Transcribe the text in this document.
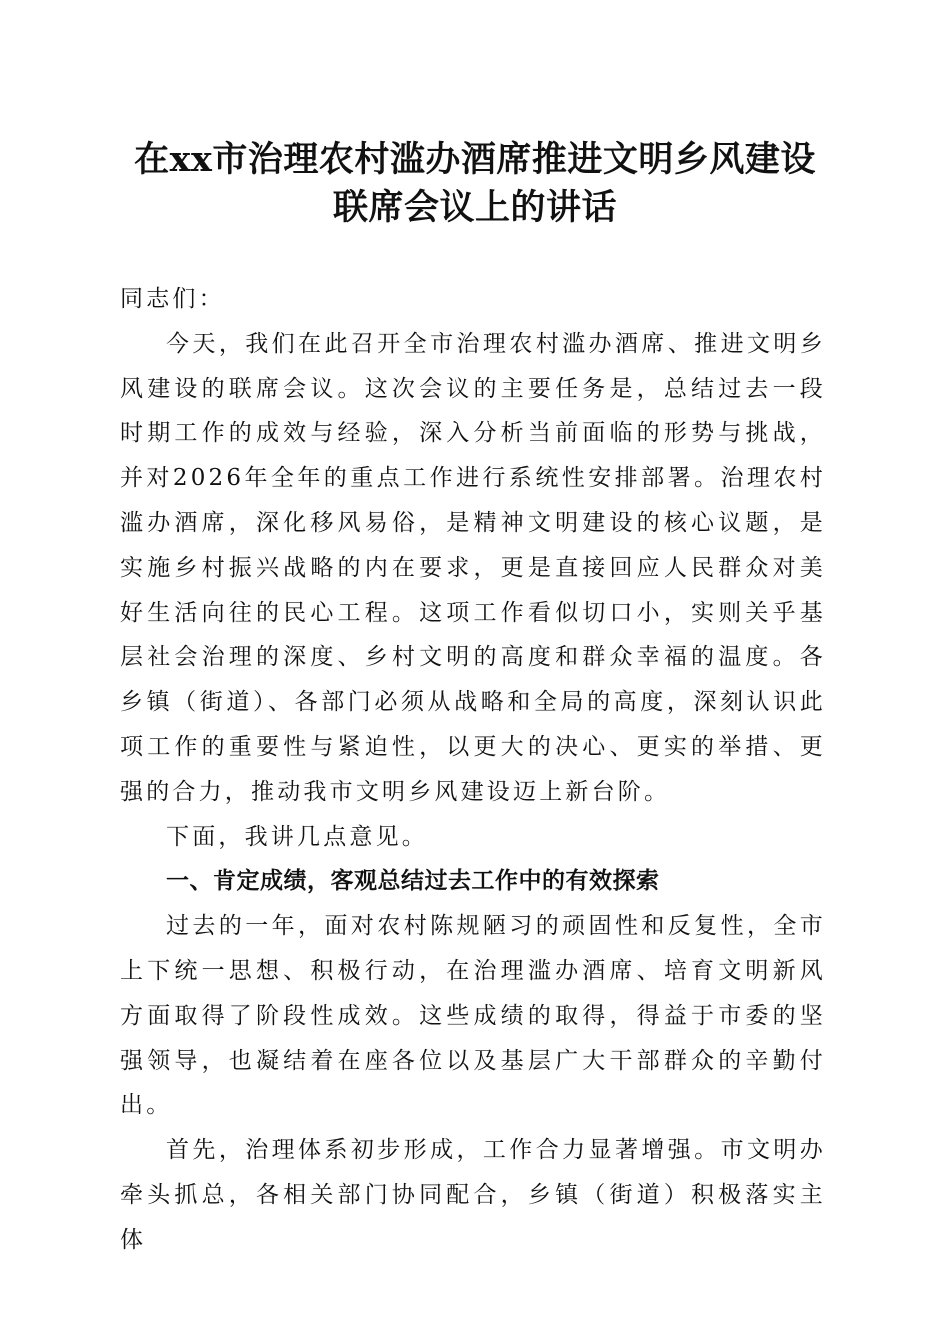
在xx市治理农村滥办酒席推进文明乡风建设
联席会议上的讲话

同志们：

今天，我们在此召开全市治理农村滥办酒席、推进文明乡风建设的联席会议。这次会议的主要任务是，总结过去一段时期工作的成效与经验，深入分析当前面临的形势与挑战，并对2026年全年的重点工作进行系统性安排部署。治理农村滥办酒席，深化移风易俗，是精神文明建设的核心议题，是实施乡村振兴战略的内在要求，更是直接回应人民群众对美好生活向往的民心工程。这项工作看似切口小，实则关乎基层社会治理的深度、乡村文明的高度和群众幸福的温度。各乡镇（街道）、各部门必须从战略和全局的高度，深刻认识此项工作的重要性与紧迫性，以更大的决心、更实的举措、更强的合力，推动我市文明乡风建设迈上新台阶。

下面，我讲几点意见。

一、肯定成绩，客观总结过去工作中的有效探索

过去的一年，面对农村陈规陋习的顽固性和反复性，全市上下统一思想、积极行动，在治理滥办酒席、培育文明新风方面取得了阶段性成效。这些成绩的取得，得益于市委的坚强领导，也凝结着在座各位以及基层广大干部群众的辛勤付出。

首先，治理体系初步形成，工作合力显著增强。市文明办牵头抓总，各相关部门协同配合，乡镇（街道）积极落实主体
